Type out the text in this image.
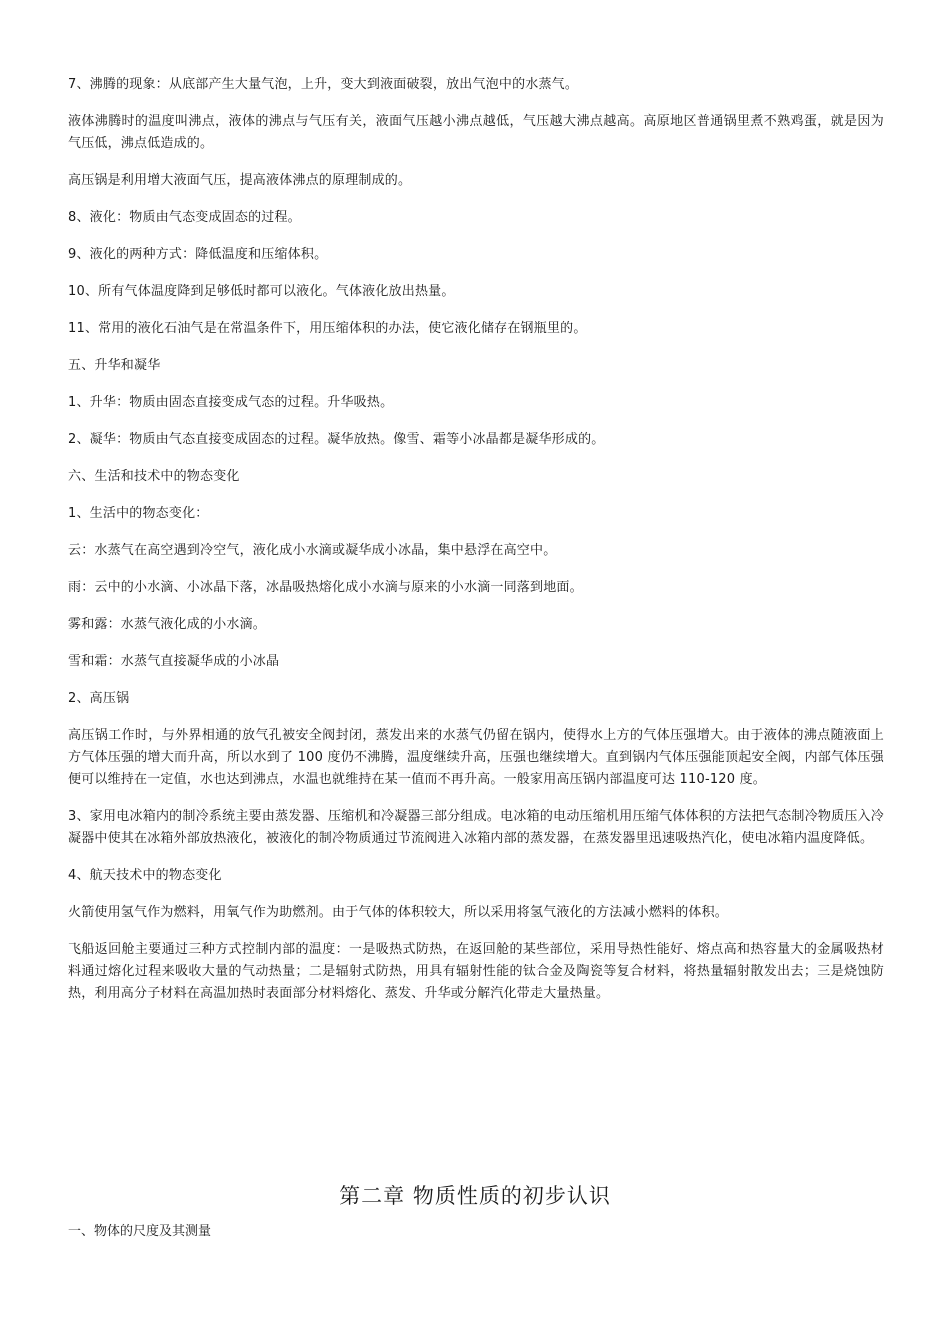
7、沸腾的现象：从底部产生大量气泡，上升，变大到液面破裂，放出气泡中的水蒸气。

液体沸腾时的温度叫沸点，液体的沸点与气压有关，液面气压越小沸点越低，气压越大沸点越高。高原地区普通锅里煮不熟鸡蛋，就是因为气压低，沸点低造成的。

高压锅是利用增大液面气压，提高液体沸点的原理制成的。

8、液化：物质由气态变成固态的过程。

9、液化的两种方式：降低温度和压缩体积。

10、所有气体温度降到足够低时都可以液化。气体液化放出热量。

11、常用的液化石油气是在常温条件下，用压缩体积的办法，使它液化储存在钢瓶里的。

五、升华和凝华

1、升华：物质由固态直接变成气态的过程。升华吸热。

2、凝华：物质由气态直接变成固态的过程。凝华放热。像雪、霜等小冰晶都是凝华形成的。

六、生活和技术中的物态变化

1、生活中的物态变化：

云：水蒸气在高空遇到冷空气，液化成小水滴或凝华成小冰晶，集中悬浮在高空中。

雨：云中的小水滴、小冰晶下落，冰晶吸热熔化成小水滴与原来的小水滴一同落到地面。

雾和露：水蒸气液化成的小水滴。

雪和霜：水蒸气直接凝华成的小冰晶

2、高压锅

高压锅工作时，与外界相通的放气孔被安全阀封闭，蒸发出来的水蒸气仍留在锅内，使得水上方的气体压强增大。由于液体的沸点随液面上方气体压强的增大而升高，所以水到了 100 度仍不沸腾，温度继续升高，压强也继续增大。直到锅内气体压强能顶起安全阀，内部气体压强便可以维持在一定值，水也达到沸点，水温也就维持在某一值而不再升高。一般家用高压锅内部温度可达 110-120 度。

3、家用电冰箱内的制冷系统主要由蒸发器、压缩机和冷凝器三部分组成。电冰箱的电动压缩机用压缩气体体积的方法把气态制冷物质压入冷凝器中使其在冰箱外部放热液化，被液化的制冷物质通过节流阀进入冰箱内部的蒸发器，在蒸发器里迅速吸热汽化，使电冰箱内温度降低。

4、航天技术中的物态变化

火箭使用氢气作为燃料，用氧气作为助燃剂。由于气体的体积较大，所以采用将氢气液化的方法减小燃料的体积。

飞船返回舱主要通过三种方式控制内部的温度：一是吸热式防热，在返回舱的某些部位，采用导热性能好、熔点高和热容量大的金属吸热材料通过熔化过程来吸收大量的气动热量；二是辐射式防热，用具有辐射性能的钛合金及陶瓷等复合材料，将热量辐射散发出去；三是烧蚀防热，利用高分子材料在高温加热时表面部分材料熔化、蒸发、升华或分解汽化带走大量热量。

第二章 物质性质的初步认识

一、物体的尺度及其测量
